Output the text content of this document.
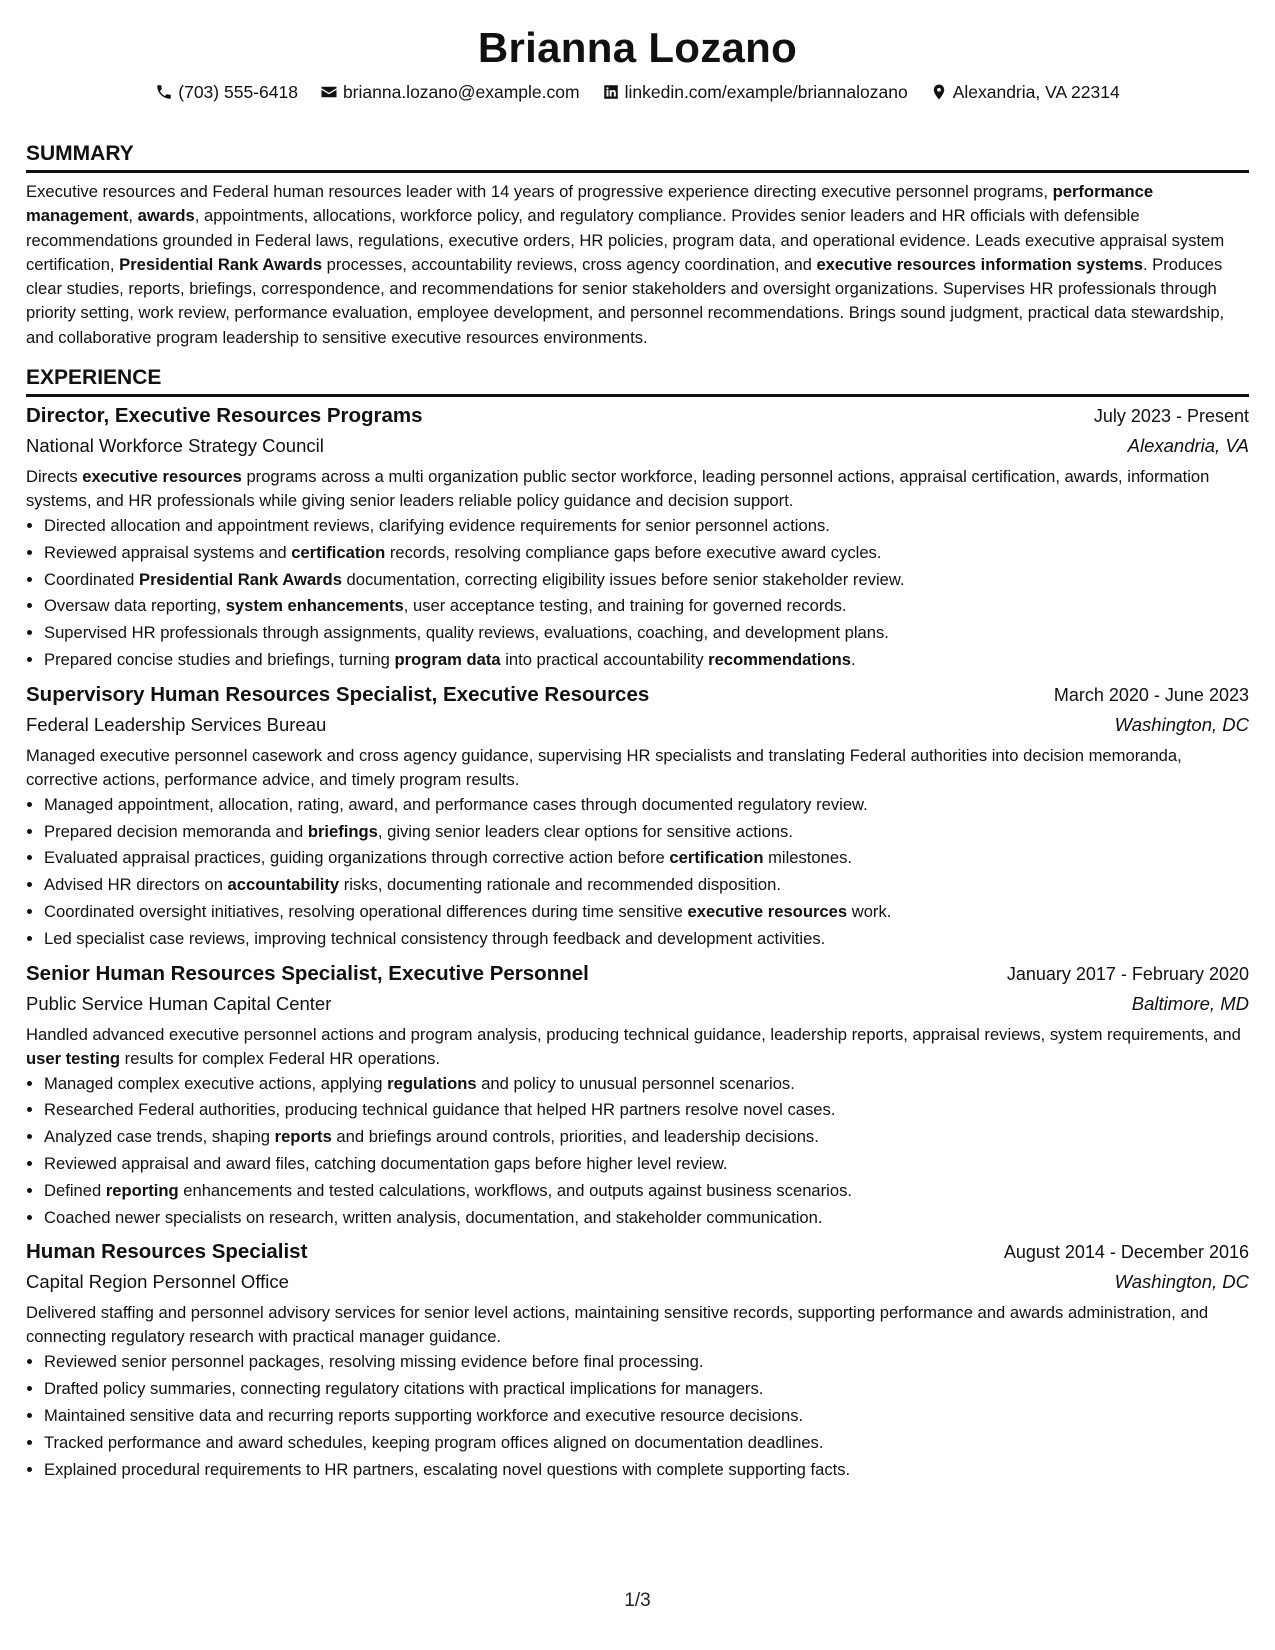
Brianna Lozano
(703) 555-6418	brianna.lozano@example.com	linkedin.com/example/briannalozano	Alexandria, VA 22314
SUMMARY

Executive resources and Federal human resources leader with 14 years of progressive experience directing executive personnel programs, performance management, awards, appointments, allocations, workforce policy, and regulatory compliance. Provides senior leaders and HR officials with defensible recommendations grounded in Federal laws, regulations, executive orders, HR policies, program data, and operational evidence. Leads executive appraisal system certification, Presidential Rank Awards processes, accountability reviews, cross agency coordination, and executive resources information systems. Produces clear studies, reports, briefings, correspondence, and recommendations for senior stakeholders and oversight organizations. Supervises HR professionals through priority setting, work review, performance evaluation, employee development, and personnel recommendations. Brings sound judgment, practical data stewardship, and collaborative program leadership to sensitive executive resources environments.

EXPERIENCE
Director, Executive Resources Programs	July 2023 - Present
National Workforce Strategy Council	Alexandria, VA
Directs executive resources programs across a multi organization public sector workforce, leading personnel actions, appraisal certification, awards, information systems, and HR professionals while giving senior leaders reliable policy guidance and decision support.
• Directed allocation and appointment reviews, clarifying evidence requirements for senior personnel actions.
• Reviewed appraisal systems and certification records, resolving compliance gaps before executive award cycles.
• Coordinated Presidential Rank Awards documentation, correcting eligibility issues before senior stakeholder review.
• Oversaw data reporting, system enhancements, user acceptance testing, and training for governed records.
• Supervised HR professionals through assignments, quality reviews, evaluations, coaching, and development plans.
• Prepared concise studies and briefings, turning program data into practical accountability recommendations.
Supervisory Human Resources Specialist, Executive Resources	March 2020 - June 2023
Federal Leadership Services Bureau	Washington, DC
Managed executive personnel casework and cross agency guidance, supervising HR specialists and translating Federal authorities into decision memoranda, corrective actions, performance advice, and timely program results.
• Managed appointment, allocation, rating, award, and performance cases through documented regulatory review.
• Prepared decision memoranda and briefings, giving senior leaders clear options for sensitive actions.
• Evaluated appraisal practices, guiding organizations through corrective action before certification milestones.
• Advised HR directors on accountability risks, documenting rationale and recommended disposition.
• Coordinated oversight initiatives, resolving operational differences during time sensitive executive resources work.
• Led specialist case reviews, improving technical consistency through feedback and development activities.
Senior Human Resources Specialist, Executive Personnel	January 2017 - February 2020
Public Service Human Capital Center	Baltimore, MD
Handled advanced executive personnel actions and program analysis, producing technical guidance, leadership reports, appraisal reviews, system requirements, and user testing results for complex Federal HR operations.
• Managed complex executive actions, applying regulations and policy to unusual personnel scenarios.
• Researched Federal authorities, producing technical guidance that helped HR partners resolve novel cases.
• Analyzed case trends, shaping reports and briefings around controls, priorities, and leadership decisions.
• Reviewed appraisal and award files, catching documentation gaps before higher level review.
• Defined reporting enhancements and tested calculations, workflows, and outputs against business scenarios.
• Coached newer specialists on research, written analysis, documentation, and stakeholder communication.
Human Resources Specialist	August 2014 - December 2016
Capital Region Personnel Office	Washington, DC
Delivered staffing and personnel advisory services for senior level actions, maintaining sensitive records, supporting performance and awards administration, and connecting regulatory research with practical manager guidance.
• Reviewed senior personnel packages, resolving missing evidence before final processing.
• Drafted policy summaries, connecting regulatory citations with practical implications for managers.
• Maintained sensitive data and recurring reports supporting workforce and executive resource decisions.
• Tracked performance and award schedules, keeping program offices aligned on documentation deadlines.
• Explained procedural requirements to HR partners, escalating novel questions with complete supporting facts.
1/3
